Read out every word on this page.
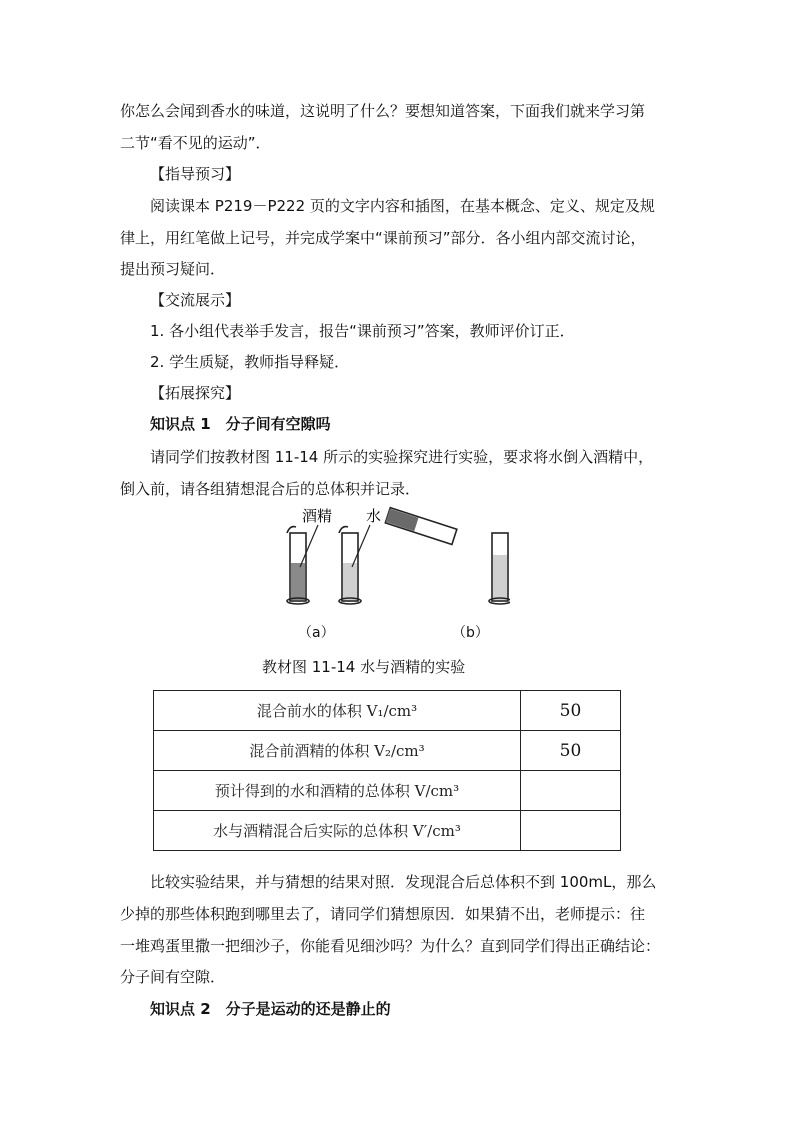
你怎么会闻到香水的味道，这说明了什么？要想知道答案，下面我们就来学习第
二节“看不见的运动”．
【指导预习】
阅读课本 P219－P222 页的文字内容和插图，在基本概念、定义、规定及规
律上，用红笔做上记号，并完成学案中“课前预习”部分．各小组内部交流讨论，
提出预习疑问．
【交流展示】
1. 各小组代表举手发言，报告“课前预习”答案，教师评价订正．
2. 学生质疑，教师指导释疑．
【拓展探究】
知识点 1　分子间有空隙吗
请同学们按教材图 11-14 所示的实验探究进行实验，要求将水倒入酒精中，
倒入前，请各组猜想混合后的总体积并记录．
酒精 水
（a）	（b）
教材图 11-14 水与酒精的实验
混合前水的体积 V₁/cm³	50
混合前酒精的体积 V₂/cm³	50
预计得到的水和酒精的总体积 V/cm³	
水与酒精混合后实际的总体积 V′/cm³	
比较实验结果，并与猜想的结果对照．发现混合后总体积不到 100mL，那么
少掉的那些体积跑到哪里去了，请同学们猜想原因．如果猜不出，老师提示：往
一堆鸡蛋里撒一把细沙子，你能看见细沙吗？为什么？直到同学们得出正确结论：
分子间有空隙．
知识点 2　分子是运动的还是静止的
